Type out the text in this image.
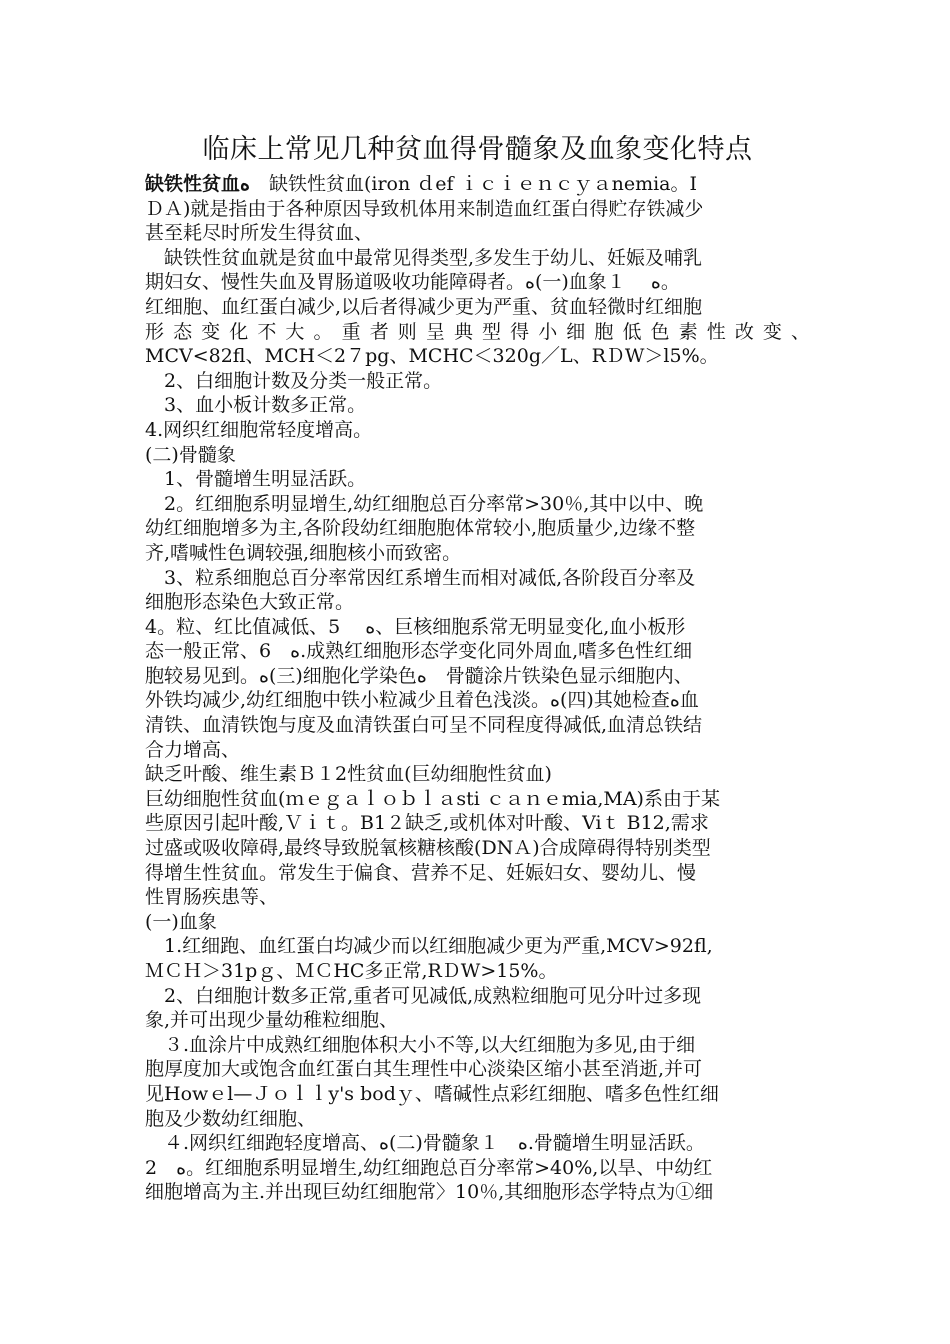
临床上常见几种贫血得骨髓象及血象变化特点
缺铁性贫血ﻩ　缺铁性贫血(iron ｄef ｉｃｉｅｎｃｙａnemia。I
ＤＡ)就是指由于各种原因导致机体用来制造血红蛋白得贮存铁减少
甚至耗尽时所发生得贫血、
　缺铁性贫血就是贫血中最常见得类型,多发生于幼儿、妊娠及哺乳
期妇女、慢性失血及胃肠道吸收功能障碍者。ﻩ(一)血象１　 ﻩ。
红细胞、血红蛋白减少,以后者得减少更为严重、贫血轻微时红细胞
形态变化不大。重者则呈典型得小细胞低色素性改变、
MCV<82fl、MCH＜2７pg、MCHC＜320g／L、RＤW＞l5%。
　2、白细胞计数及分类一般正常。
　3、血小板计数多正常。
4.网织红细胞常轻度增高。
(二)骨髓象
　1、骨髓增生明显活跃。
　2。红细胞系明显增生,幼红细胞总百分率常>30％,其中以中、晚
幼红细胞增多为主,各阶段幼红细胞胞体常较小,胞质量少,边缘不整
齐,嗜喊性色调较强,细胞核小而致密。
　3、粒系细胞总百分率常因红系增生而相对减低,各阶段百分率及
细胞形态染色大致正常。
4。粒、红比值减低、5　 ﻩ、巨核细胞系常无明显变化,血小板形
态一般正常、6　ﻩ.成熟红细胞形态学变化同外周血,嗜多色性红细
胞较易见到。ﻩ(三)细胞化学染色ﻩ　骨髓涂片铁染色显示细胞内、
外铁均减少,幼红细胞中铁小粒减少且着色浅淡。ﻩ(四)其她检查ﻩ血
清铁、血清铁饱与度及血清铁蛋白可呈不同程度得减低,血清总铁结
合力增高、
缺乏叶酸、维生素Ｂ１2性贫血(巨幼细胞性贫血)
巨幼细胞性贫血(ｍｅｇａｌｏｂｌａsti ｃａｎｅmia,MA)系由于某
些原因引起叶酸,Ｖｉｔ。B1２缺乏,或机体对叶酸、Viｔ B12,需求
过盛或吸收障碍,最终导致脱氧核糖核酸(DNＡ)合成障碍得特别类型
得增生性贫血。常发生于偏食、营养不足、妊娠妇女、婴幼儿、慢
性胃肠疾患等、
(一)血象
　1.红细跑、血红蛋白均减少而以红细胞减少更为严重,MCV>92fl,
ＭＣＨ＞31pｇ、ＭＣHC多正常,RＤW>15%。
　2、白细胞计数多正常,重者可见减低,成熟粒细胞可见分叶过多现
象,并可出现少量幼稚粒细胞、
　３.血涂片中成熟红细胞体积大小不等,以大红细胞为多见,由于细
胞厚度加大或饱含血红蛋白其生理性中心淡染区缩小甚至消逝,并可
见Howｅl—Ｊｏｌｌy's bodｙ、嗜碱性点彩红细胞、嗜多色性红细
胞及少数幼红细胞、
　４.网织红细跑轻度增高、ﻩ(二)骨髓象１　ﻩ.骨髓增生明显活跃。
2　ﻩ。红细胞系明显增生,幼红细跑总百分率常>40%,以旱、中幼红
细胞增高为主.并出现巨幼红细胞常〉10％,其细胞形态学特点为①细
